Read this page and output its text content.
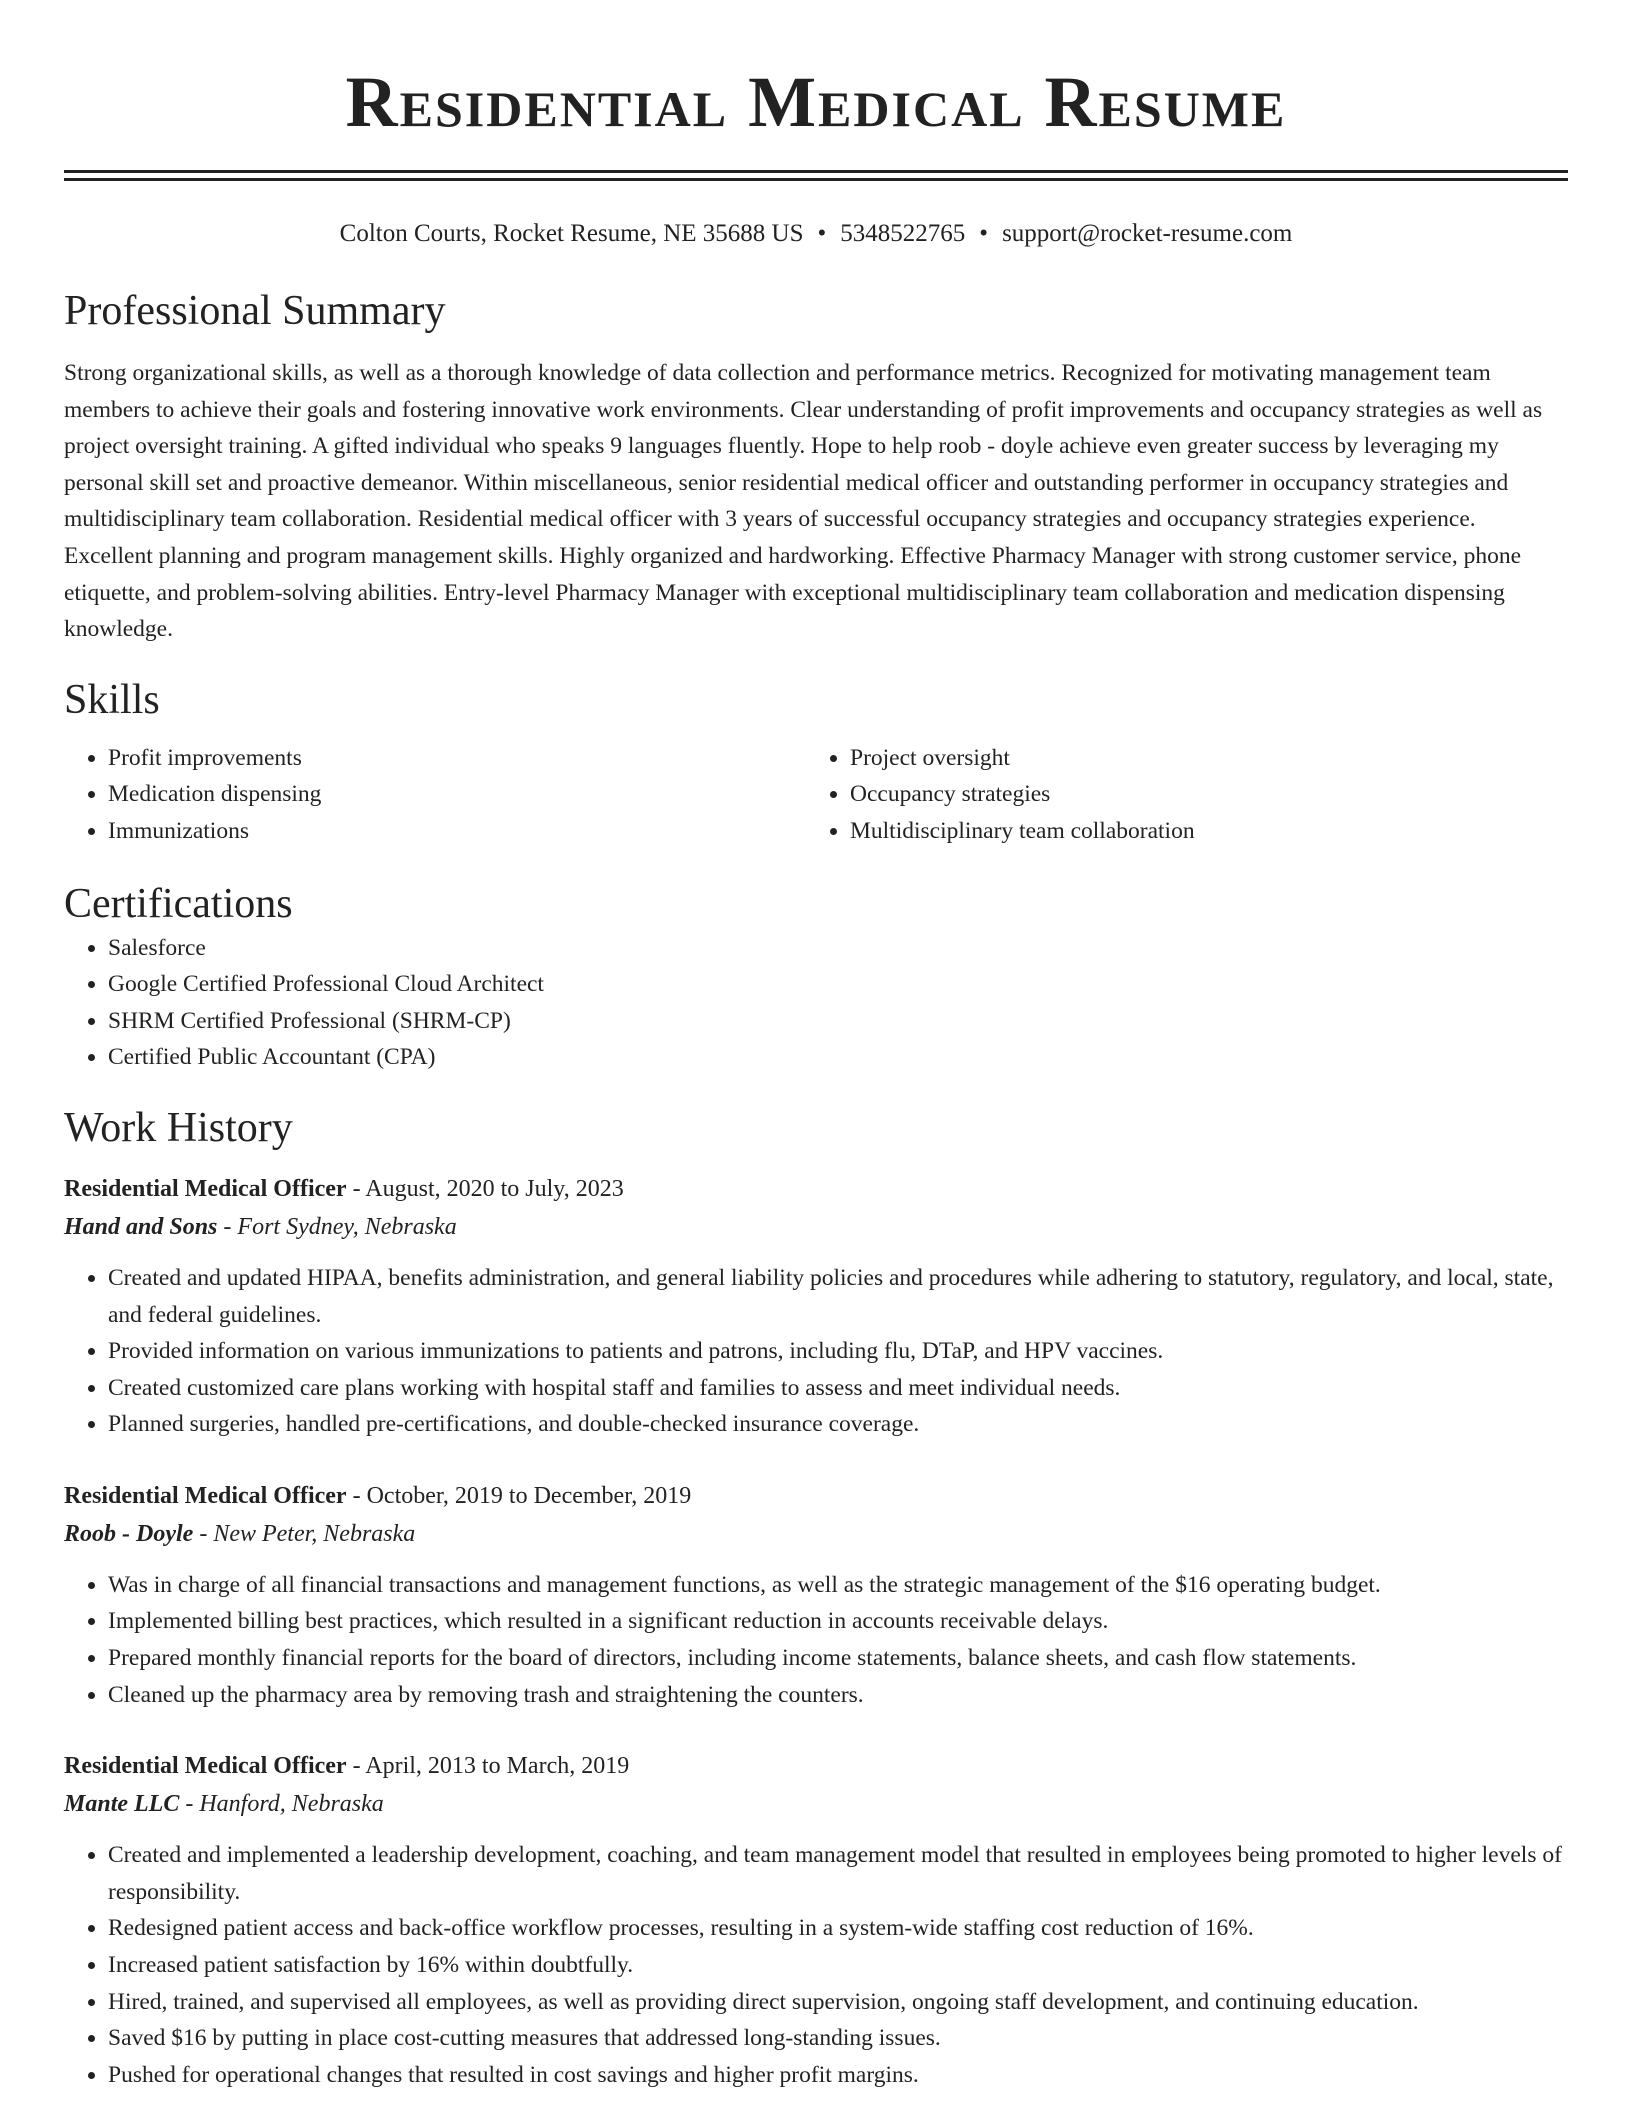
Residential Medical Resume
Colton Courts, Rocket Resume, NE 35688 US • 5348522765 • support@rocket-resume.com
Professional Summary

Strong organizational skills, as well as a thorough knowledge of data collection and performance metrics. Recognized for motivating management team members to achieve their goals and fostering innovative work environments. Clear understanding of profit improvements and occupancy strategies as well as project oversight training. A gifted individual who speaks 9 languages fluently. Hope to help roob - doyle achieve even greater success by leveraging my personal skill set and proactive demeanor. Within miscellaneous, senior residential medical officer and outstanding performer in occupancy strategies and multidisciplinary team collaboration. Residential medical officer with 3 years of successful occupancy strategies and occupancy strategies experience. Excellent planning and program management skills. Highly organized and hardworking. Effective Pharmacy Manager with strong customer service, phone etiquette, and problem-solving abilities. Entry-level Pharmacy Manager with exceptional multidisciplinary team collaboration and medication dispensing knowledge.

Skills
• Profit improvements
• Medication dispensing
• Immunizations
• Project oversight
• Occupancy strategies
• Multidisciplinary team collaboration
Certifications
• Salesforce
• Google Certified Professional Cloud Architect
• SHRM Certified Professional (SHRM-CP)
• Certified Public Accountant (CPA)
Work History
Residential Medical Officer - August, 2020 to July, 2023
Hand and Sons - Fort Sydney, Nebraska
• Created and updated HIPAA, benefits administration, and general liability policies and procedures while adhering to statutory, regulatory, and local, state, and federal guidelines.
• Provided information on various immunizations to patients and patrons, including flu, DTaP, and HPV vaccines.
• Created customized care plans working with hospital staff and families to assess and meet individual needs.
• Planned surgeries, handled pre-certifications, and double-checked insurance coverage.
Residential Medical Officer - October, 2019 to December, 2019
Roob - Doyle - New Peter, Nebraska
• Was in charge of all financial transactions and management functions, as well as the strategic management of the $16 operating budget.
• Implemented billing best practices, which resulted in a significant reduction in accounts receivable delays.
• Prepared monthly financial reports for the board of directors, including income statements, balance sheets, and cash flow statements.
• Cleaned up the pharmacy area by removing trash and straightening the counters.
Residential Medical Officer - April, 2013 to March, 2019
Mante LLC - Hanford, Nebraska
• Created and implemented a leadership development, coaching, and team management model that resulted in employees being promoted to higher levels of responsibility.
• Redesigned patient access and back-office workflow processes, resulting in a system-wide staffing cost reduction of 16%.
• Increased patient satisfaction by 16% within doubtfully.
• Hired, trained, and supervised all employees, as well as providing direct supervision, ongoing staff development, and continuing education.
• Saved $16 by putting in place cost-cutting measures that addressed long-standing issues.
• Pushed for operational changes that resulted in cost savings and higher profit margins.
